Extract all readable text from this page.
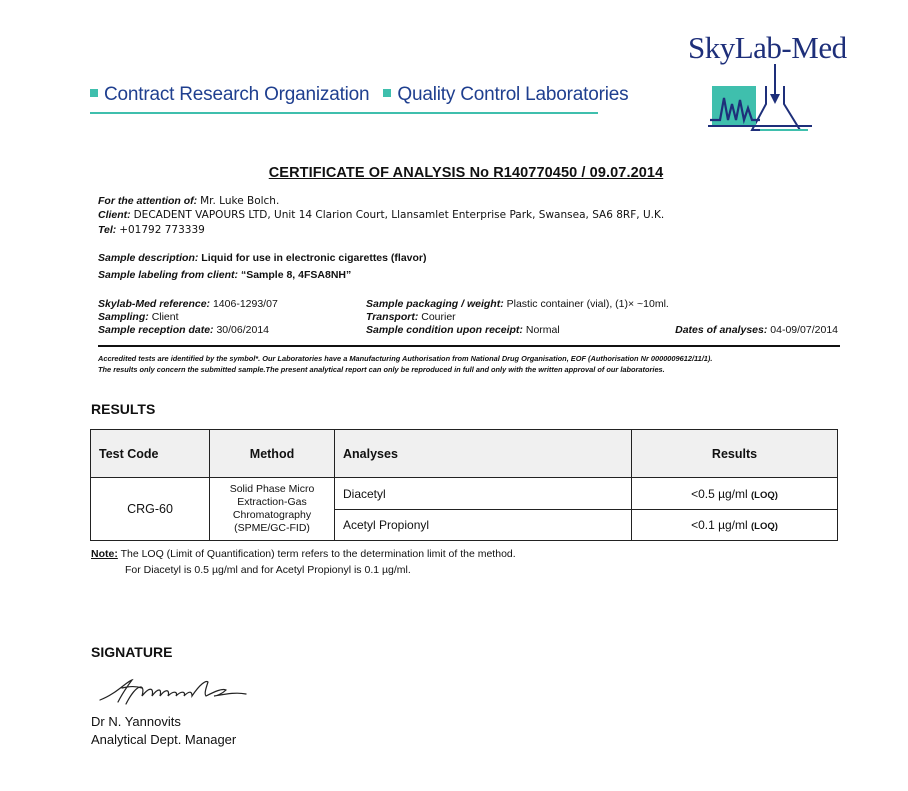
Contract Research Organization Quality Control Laboratories
SkyLab-Med
CERTIFICATE OF ANALYSIS No R140770450 / 09.07.2014
For the attention of: Mr. Luke Bolch.
Client: DECADENT VAPOURS LTD, Unit 14 Clarion Court, Llansamlet Enterprise Park, Swansea, SA6 8RF, U.K.
Tel: +01792 773339
Sample description: Liquid for use in electronic cigarettes (flavor)
Sample labeling from client: “Sample 8, 4FSA8NH”
Skylab-Med reference: 1406-1293/07
Sampling: Client
Sample reception date: 30/06/2014
Sample packaging / weight: Plastic container (vial), (1)× ~10ml.
Transport: Courier
Sample condition upon receipt: Normal	Dates of analyses: 04-09/07/2014
Accredited tests are identified by the symbol*. Our Laboratories have a Manufacturing Authorisation from National Drug Organisation, EOF (Authorisation Nr 0000009612/11/1).
The results only concern the submitted sample.The present analytical report can only be reproduced in full and only with the written approval of our laboratories.
RESULTS
Test Code	Method	Analyses	Results
CRG-60	Solid Phase Micro Extraction-Gas Chromatography (SPME/GC-FID)	Diacetyl	<0.5 µg/ml (LOQ)
		Acetyl Propionyl	<0.1 µg/ml (LOQ)
Note: The LOQ (Limit of Quantification) term refers to the determination limit of the method.
For Diacetyl is 0.5 µg/ml and for Acetyl Propionyl is 0.1 µg/ml.
SIGNATURE
Dr N. Yannovits
Analytical Dept. Manager
